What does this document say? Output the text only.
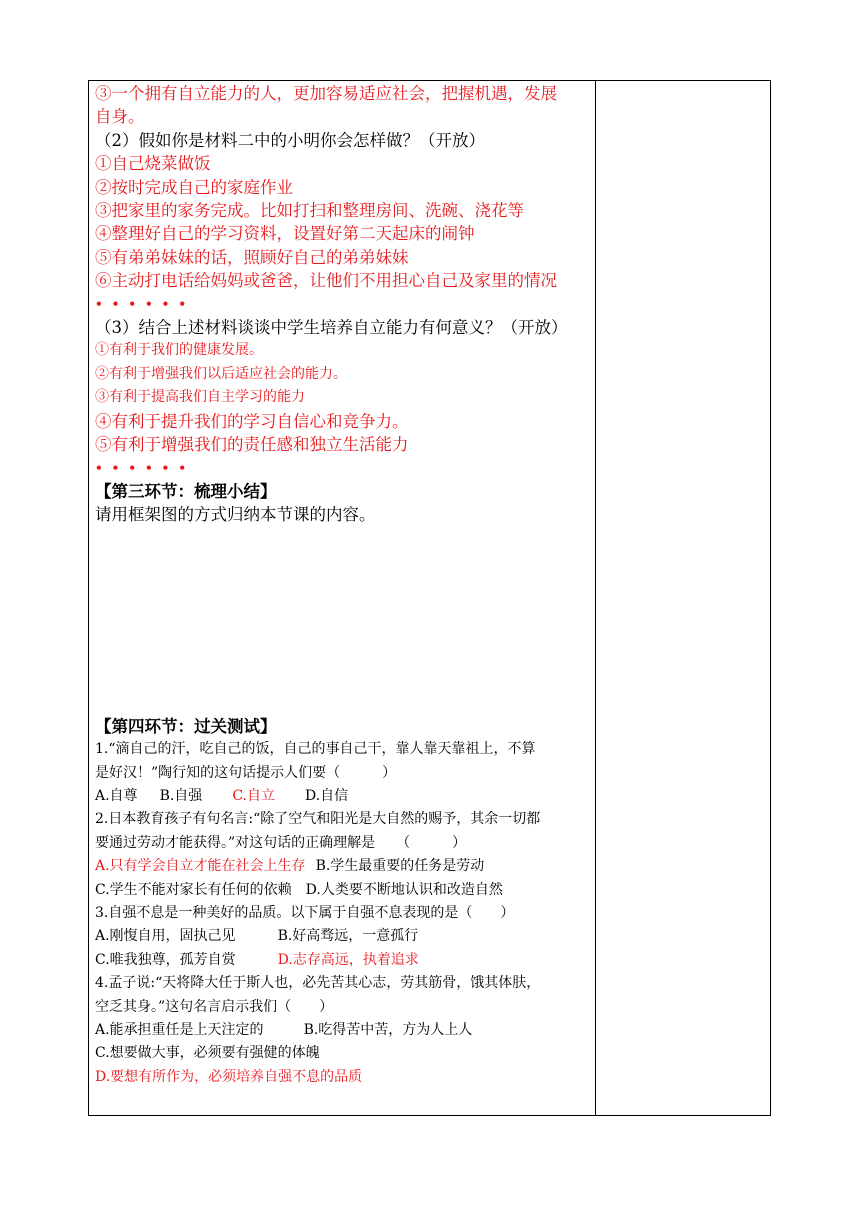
③一个拥有自立能力的人，更加容易适应社会，把握机遇，发展
自身。
（2）假如你是材料二中的小明你会怎样做？（开放）
①自己烧菜做饭
②按时完成自己的家庭作业
③把家里的家务完成。比如打扫和整理房间、洗碗、浇花等
④整理好自己的学习资料，设置好第二天起床的闹钟
⑤有弟弟妹妹的话，照顾好自己的弟弟妹妹
⑥主动打电话给妈妈或爸爸，让他们不用担心自己及家里的情况
••••••
（3）结合上述材料谈谈中学生培养自立能力有何意义？（开放）
①有利于我们的健康发展。
②有利于增强我们以后适应社会的能力。
③有利于提高我们自主学习的能力
④有利于提升我们的学习自信心和竞争力。
⑤有利于增强我们的责任感和独立生活能力
••••••
【第三环节：梳理小结】
请用框架图的方式归纳本节课的内容。
【第四环节：过关测试】
1.“滴自己的汗，吃自己的饭，自己的事自己干，靠人靠天靠祖上，不算
是好汉！”陶行知的这句话提示人们要（　　　）
A.自尊 B.自强 C.自立 D.自信
2.日本教育孩子有句名言:“除了空气和阳光是大自然的赐予，其余一切都
要通过劳动才能获得。”对这句话的正确理解是　　（　　　）
A.只有学会自立才能在社会上生存 B.学生最重要的任务是劳动
C.学生不能对家长有任何的依赖 D.人类要不断地认识和改造自然
3.自强不息是一种美好的品质。以下属于自强不息表现的是（　　）
A.刚愎自用，固执己见	B.好高骛远，一意孤行
C.唯我独尊，孤芳自赏	D.志存高远，执着追求
4.孟子说:“天将降大任于斯人也，必先苦其心志，劳其筋骨，饿其体肤，
空乏其身。”这句名言启示我们（　　）
A.能承担重任是上天注定的	B.吃得苦中苦，方为人上人
C.想要做大事，必须要有强健的体魄
D.要想有所作为，必须培养自强不息的品质
